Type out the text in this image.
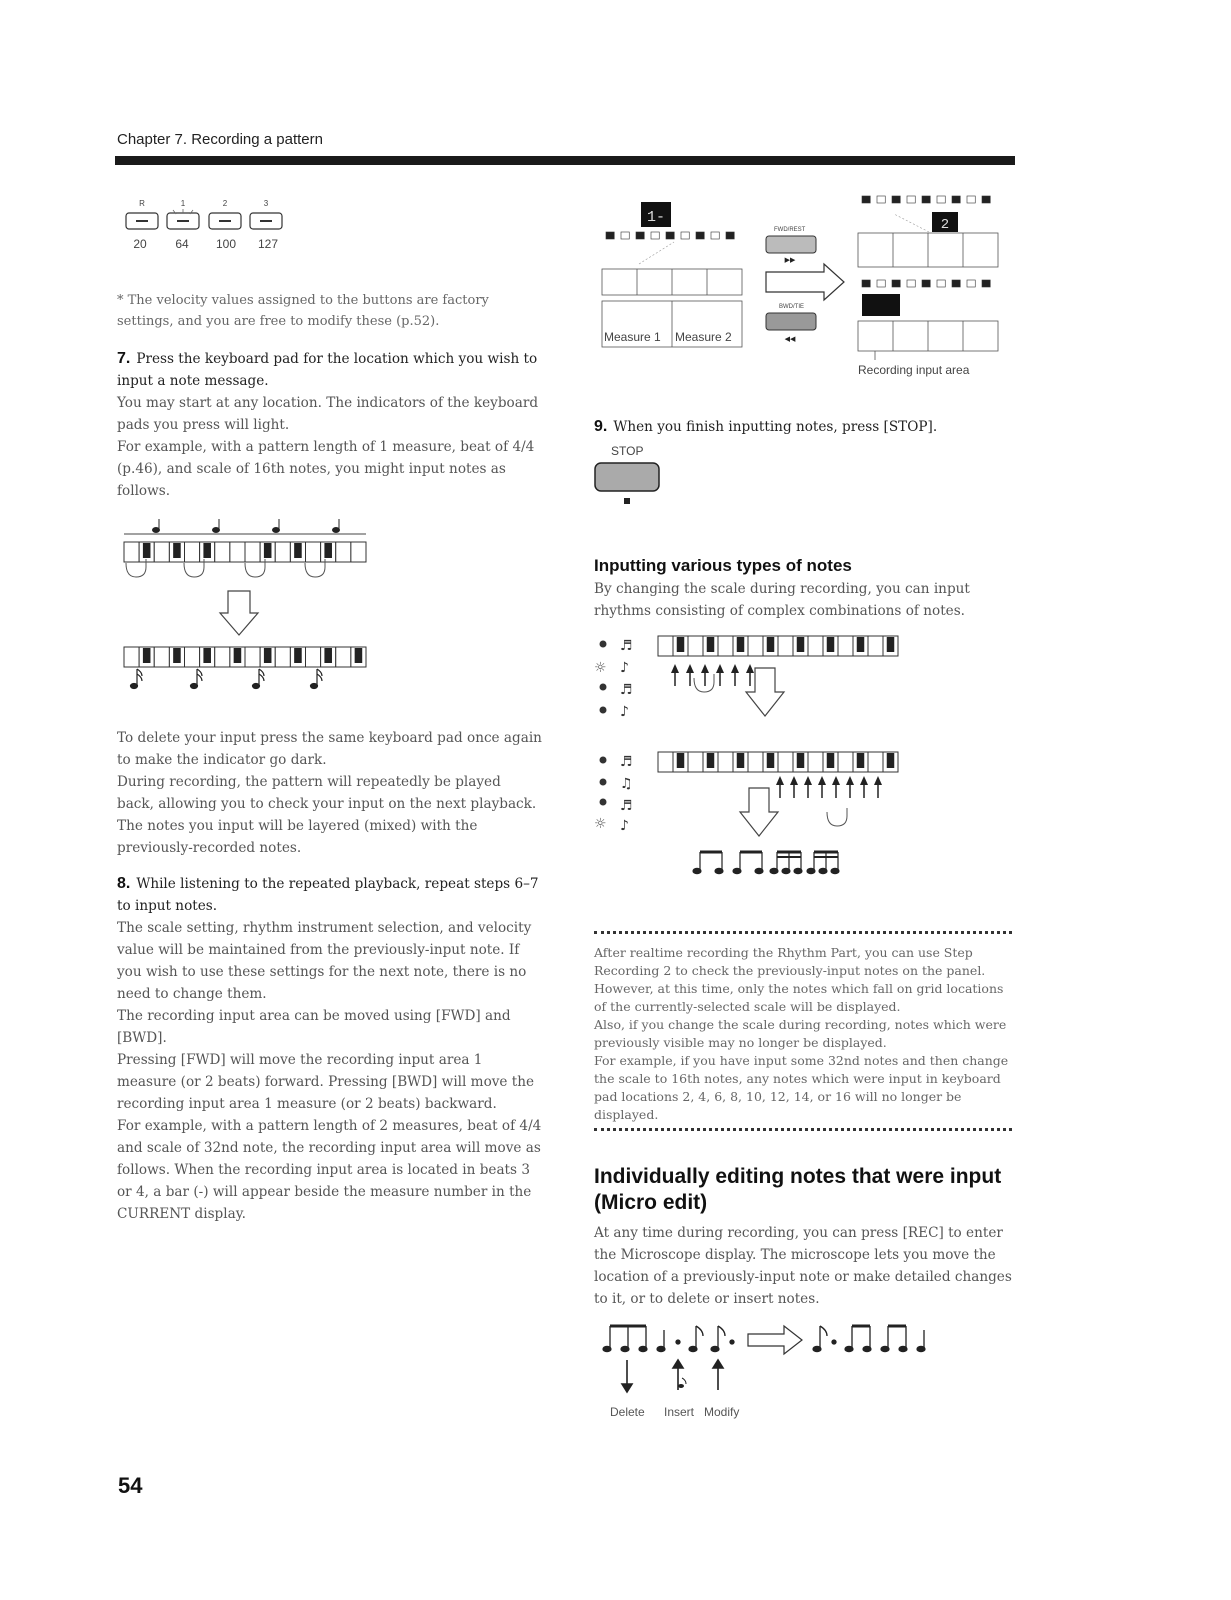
Chapter 7. Recording a pattern
R	1	2	3
20 64 100 127
* The velocity values assigned to the buttons are factory settings, and you are free to modify these (p.52).

7. Press the keyboard pad for the location which you wish to input a note message.

You may start at any location. The indicators of the keyboard pads you press will light.

For example, with a pattern length of 1 measure, beat of 4/4 (p.46), and scale of 16th notes, you might input notes as follows.

To delete your input press the same keyboard pad once again to make the indicator go dark.

During recording, the pattern will repeatedly be played back, allowing you to check your input on the next playback. The notes you input will be layered (mixed) with the previously-recorded notes.

8. While listening to the repeated playback, repeat steps 6–7 to input notes.

The scale setting, rhythm instrument selection, and velocity value will be maintained from the previously-input note. If you wish to use these settings for the next note, there is no need to change them.

The recording input area can be moved using [FWD] and [BWD].

Pressing [FWD] will move the recording input area 1 measure (or 2 beats) forward. Pressing [BWD] will move the recording input area 1 measure (or 2 beats) backward.

For example, with a pattern length of 2 measures, beat of 4/4 and scale of 32nd note, the recording input area will move as follows. When the recording input area is located in beats 3 or 4, a bar (-) will appear beside the measure number in the CURRENT display.

1-
Measure 1 Measure 2
FWD/REST
▶▶
BWD/TIE
◀◀
2
Recording input area

9. When you finish inputting notes, press [STOP].

STOP
Inputting various types of notes
By changing the scale during recording, you can input rhythms consisting of complex combinations of notes.
☼
☼
♬
♪
♬
♪
♬
♫
♬
♪

After realtime recording the Rhythm Part, you can use Step Recording 2 to check the previously-input notes on the panel. However, at this time, only the notes which fall on grid locations of the currently-selected scale will be displayed.

Also, if you change the scale during recording, notes which were previously visible may no longer be displayed.

For example, if you have input some 32nd notes and then change the scale to 16th notes, any notes which were input in keyboard pad locations 2, 4, 6, 8, 10, 12, 14, or 16 will no longer be displayed.

Individually editing notes that were input (Micro edit)
At any time during recording, you can press [REC] to enter the Microscope display. The microscope lets you move the location of a previously-input note or make detailed changes to it, or to delete or insert notes.
Delete Insert Modify
54
